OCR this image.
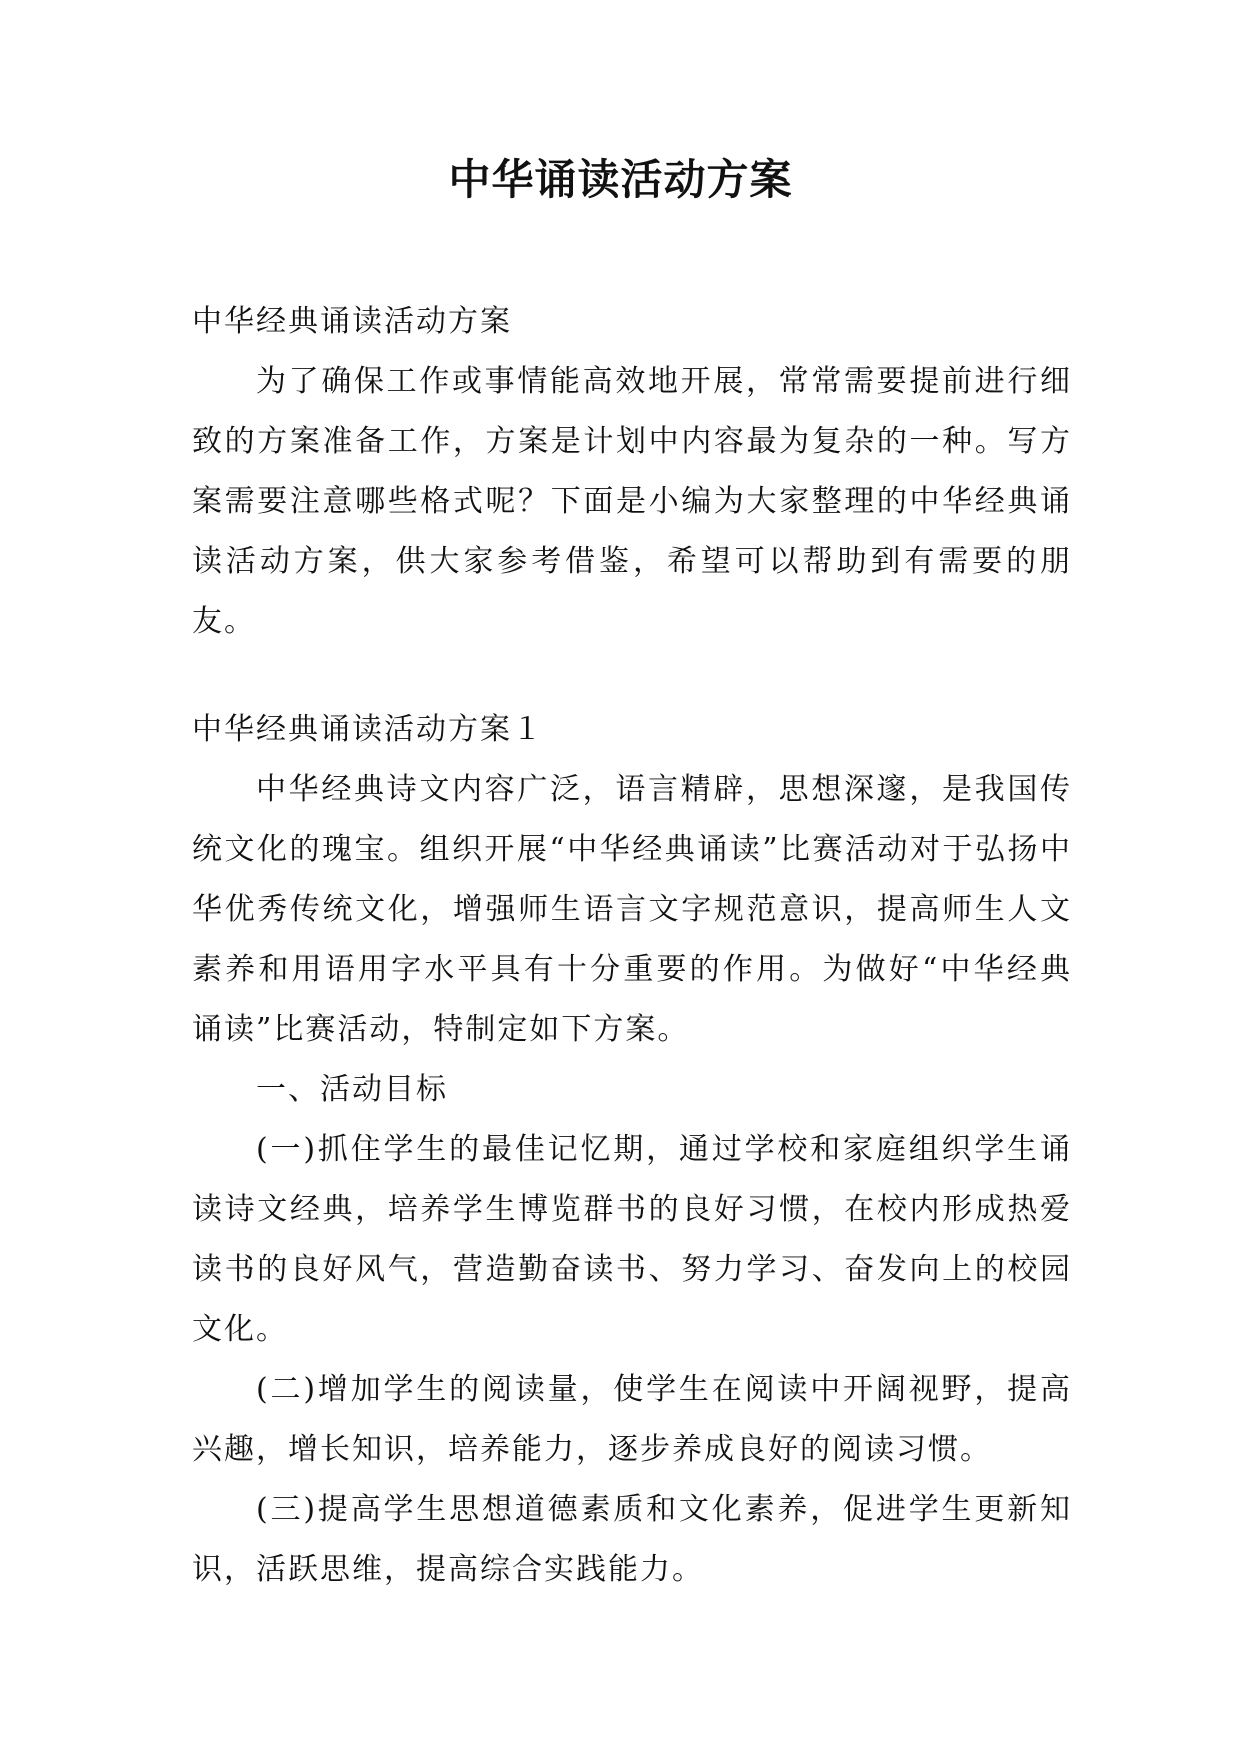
中华诵读活动方案

中华经典诵读活动方案

为了确保工作或事情能高效地开展，常常需要提前进行细致的方案准备工作，方案是计划中内容最为复杂的一种。写方案需要注意哪些格式呢？下面是小编为大家整理的中华经典诵读活动方案，供大家参考借鉴，希望可以帮助到有需要的朋友。

中华经典诵读活动方案１

中华经典诗文内容广泛，语言精辟，思想深邃，是我国传统文化的瑰宝。组织开展“中华经典诵读”比赛活动对于弘扬中华优秀传统文化，增强师生语言文字规范意识，提高师生人文素养和用语用字水平具有十分重要的作用。为做好“中华经典诵读”比赛活动，特制定如下方案。

一、活动目标

(一)抓住学生的最佳记忆期，通过学校和家庭组织学生诵读诗文经典，培养学生博览群书的良好习惯，在校内形成热爱读书的良好风气，营造勤奋读书、努力学习、奋发向上的校园文化。

(二)增加学生的阅读量，使学生在阅读中开阔视野，提高兴趣，增长知识，培养能力，逐步养成良好的阅读习惯。

(三)提高学生思想道德素质和文化素养，促进学生更新知识，活跃思维，提高综合实践能力。
